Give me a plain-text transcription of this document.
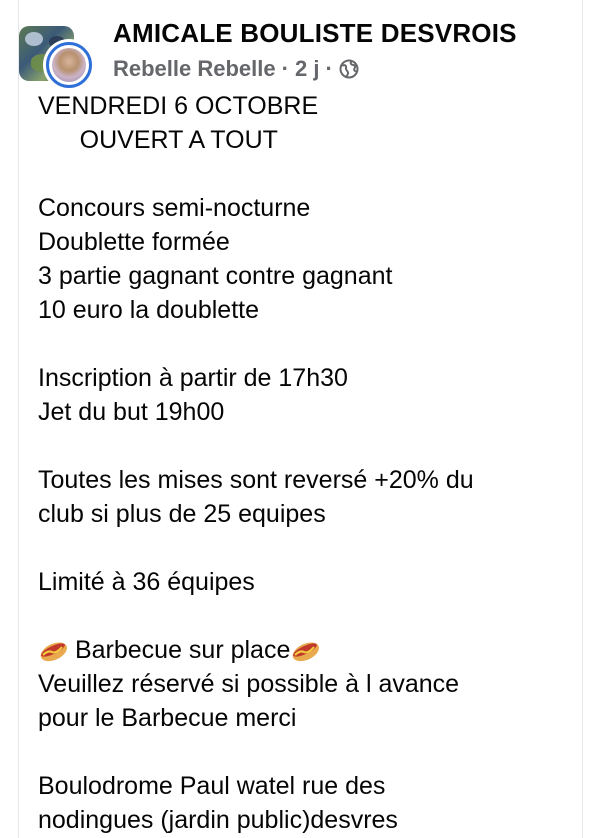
AMICALE BOULISTE DESVROIS
Rebelle Rebelle · 2 j ·
VENDREDI 6 OCTOBRE
OUVERT A TOUT
Concours semi-nocturne
Doublette formée
3 partie gagnant contre gagnant
10 euro la doublette
Inscription à partir de 17h30
Jet du but 19h00
Toutes les mises sont reversé +20% du
club si plus de 25 equipes
Limité à 36 équipes
Barbecue sur place
Veuillez réservé si possible à l avance
pour le Barbecue merci
Boulodrome Paul watel rue des
nodingues (jardin public)desvres
